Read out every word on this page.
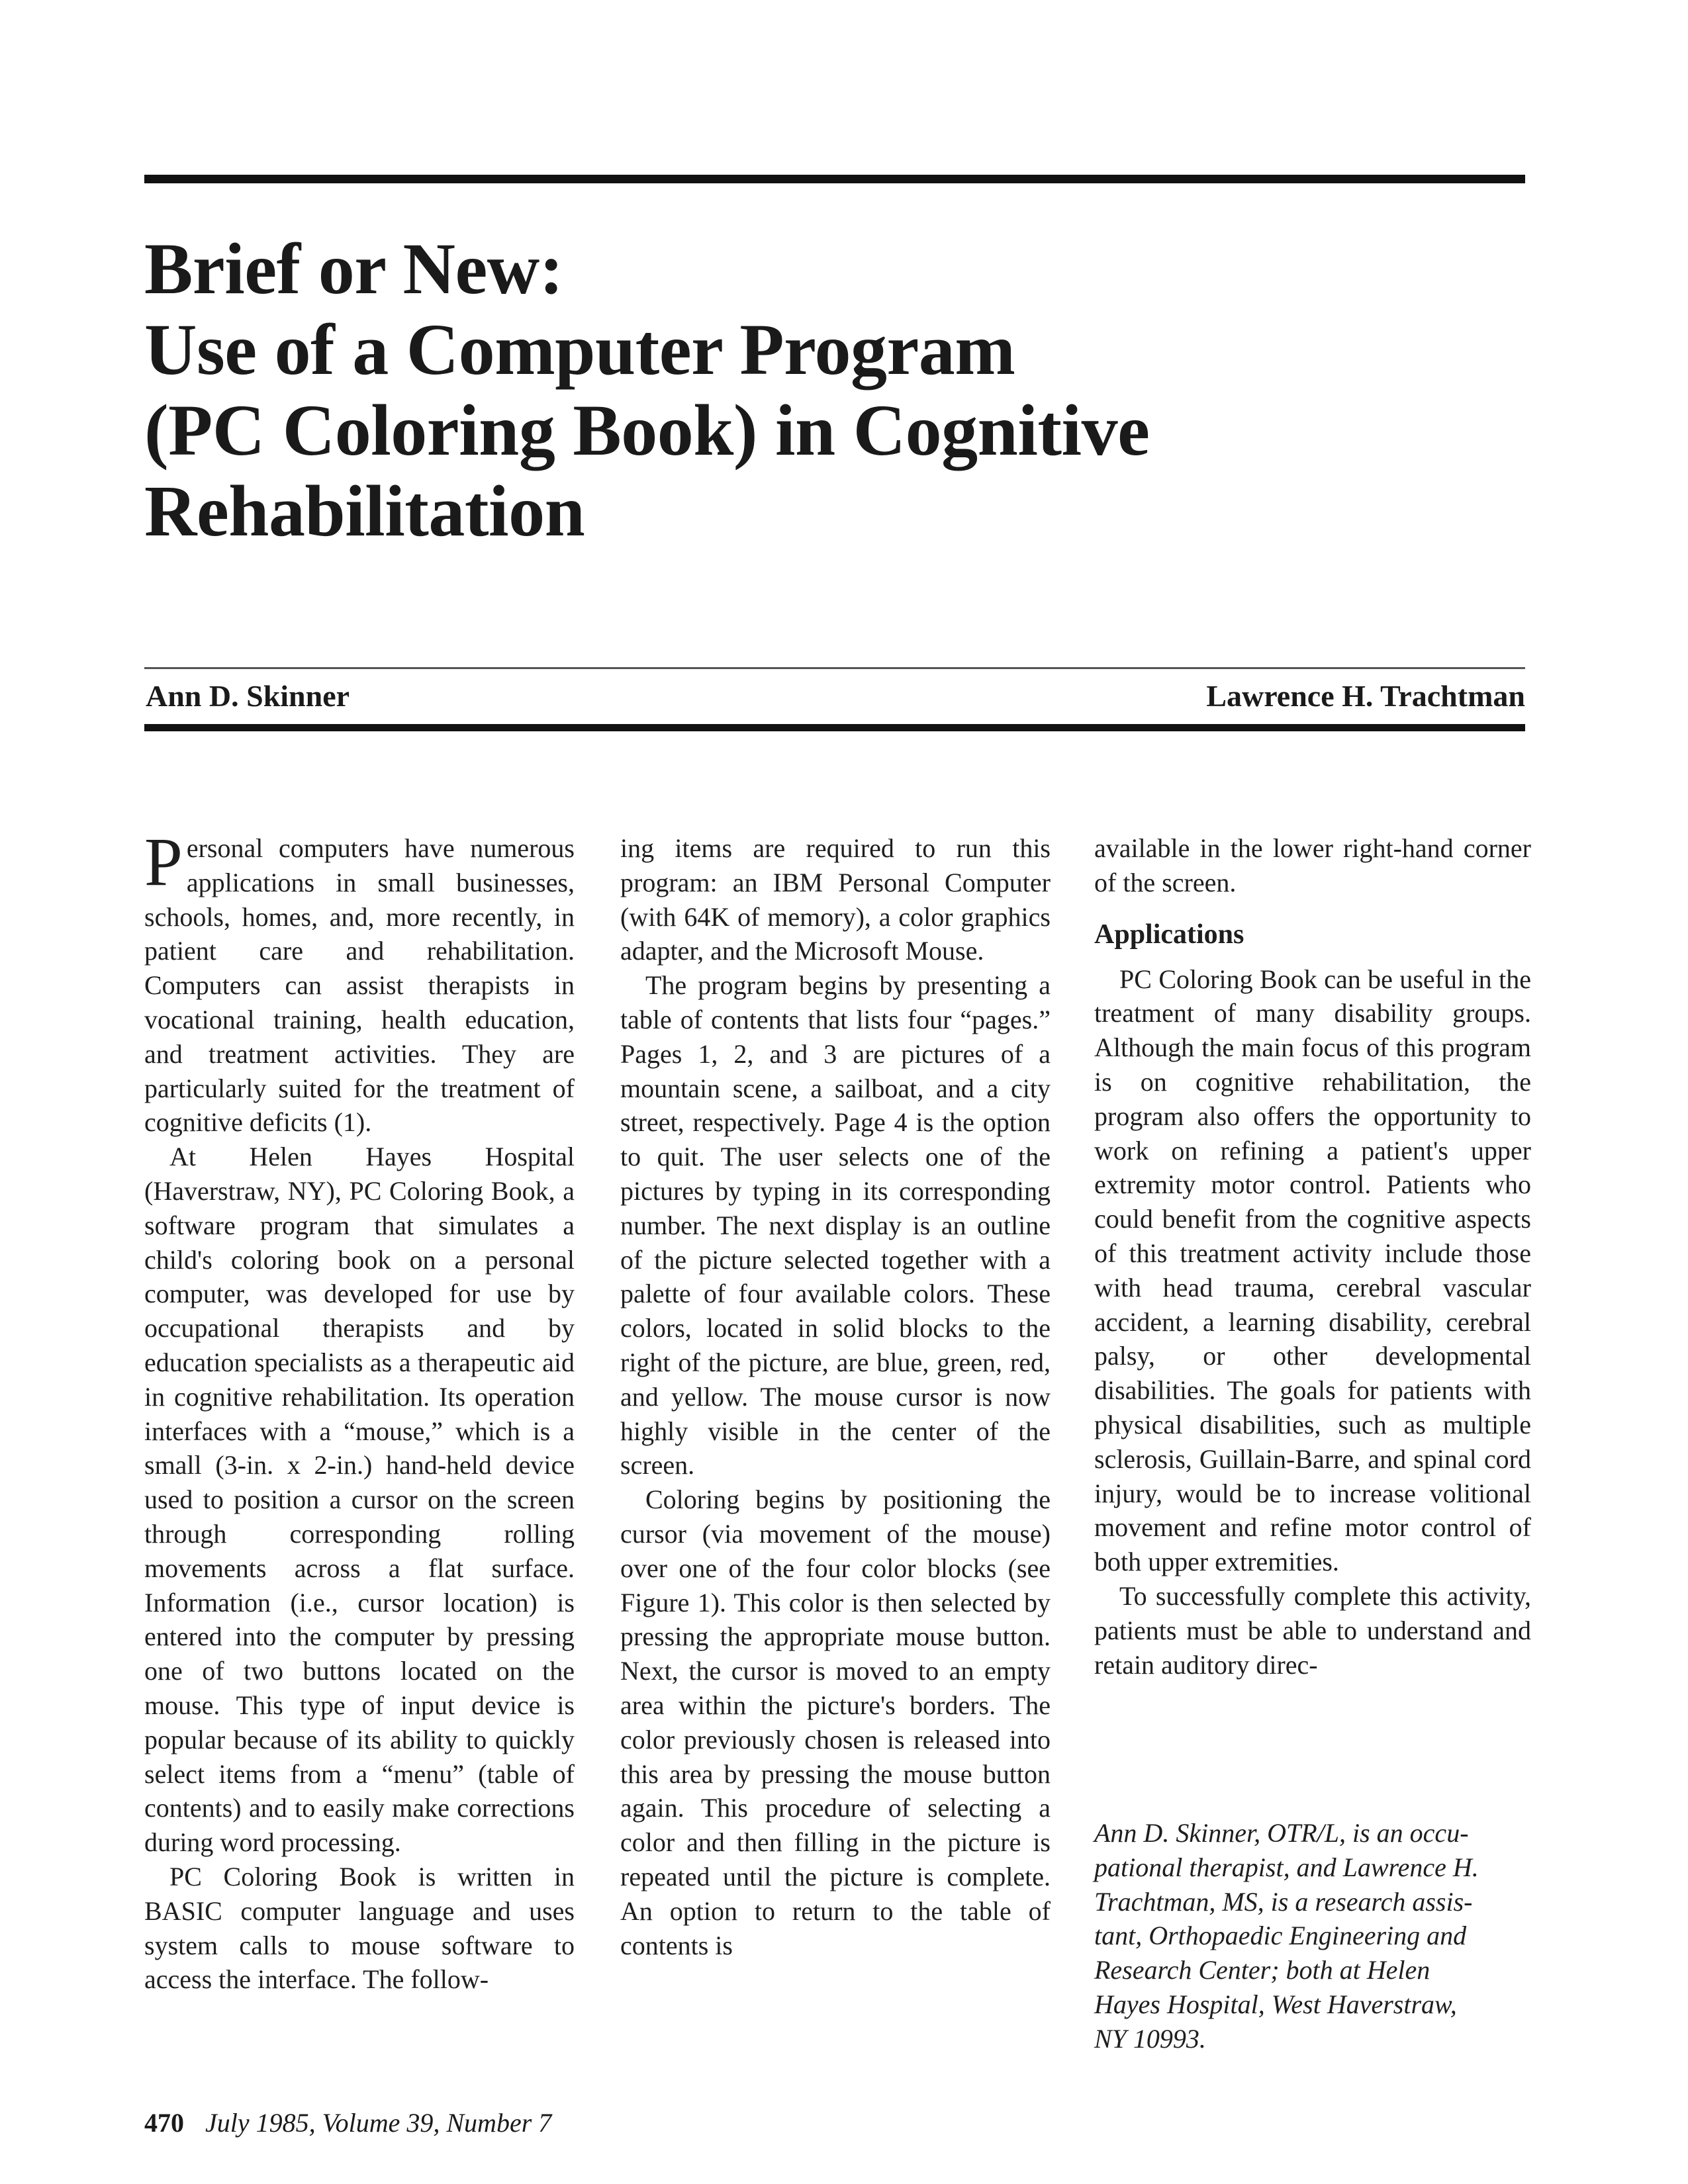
Brief or New:
Use of a Computer Program
(PC Coloring Book) in Cognitive
Rehabilitation
Ann D. Skinner	Lawrence H. Trachtman

Personal computers have numerous applications in small businesses, schools, homes, and, more recently, in patient care and rehabilitation. Computers can assist therapists in vocational training, health education, and treatment activities. They are particularly suited for the treatment of cognitive deficits (1).

At Helen Hayes Hospital (Haverstraw, NY), PC Coloring Book, a software program that simulates a child's coloring book on a personal computer, was developed for use by occupational therapists and by education specialists as a therapeutic aid in cognitive rehabilitation. Its operation interfaces with a “mouse,” which is a small (3-in. x 2-in.) hand-held device used to position a cursor on the screen through corresponding rolling movements across a flat surface. Information (i.e., cursor location) is entered into the computer by pressing one of two buttons located on the mouse. This type of input device is popular because of its ability to quickly select items from a “menu” (table of contents) and to easily make corrections during word processing.

PC Coloring Book is written in BASIC computer language and uses system calls to mouse software to access the interface. The follow-

ing items are required to run this program: an IBM Personal Computer (with 64K of memory), a color graphics adapter, and the Microsoft Mouse.

The program begins by presenting a table of contents that lists four “pages.” Pages 1, 2, and 3 are pictures of a mountain scene, a sailboat, and a city street, respectively. Page 4 is the option to quit. The user selects one of the pictures by typing in its corresponding number. The next display is an outline of the picture selected together with a palette of four available colors. These colors, located in solid blocks to the right of the picture, are blue, green, red, and yellow. The mouse cursor is now highly visible in the center of the screen.

Coloring begins by positioning the cursor (via movement of the mouse) over one of the four color blocks (see Figure 1). This color is then selected by pressing the appropriate mouse button. Next, the cursor is moved to an empty area within the picture's borders. The color previously chosen is released into this area by pressing the mouse button again. This procedure of selecting a color and then filling in the picture is repeated until the picture is complete. An option to return to the table of contents is

available in the lower right-hand corner of the screen.

Applications

PC Coloring Book can be useful in the treatment of many disability groups. Although the main focus of this program is on cognitive rehabilitation, the program also offers the opportunity to work on refining a patient's upper extremity motor control. Patients who could benefit from the cognitive aspects of this treatment activity include those with head trauma, cerebral vascular accident, a learning disability, cerebral palsy, or other developmental disabilities. The goals for patients with physical disabilities, such as multiple sclerosis, Guillain-Barre, and spinal cord injury, would be to increase volitional movement and refine motor control of both upper extremities.

To successfully complete this activity, patients must be able to understand and retain auditory direc-

Ann D. Skinner, OTR/L, is an occu-
pational therapist, and Lawrence H.
Trachtman, MS, is a research assis-
tant, Orthopaedic Engineering and
Research Center; both at Helen
Hayes Hospital, West Haverstraw,
NY 10993.
470 July 1985, Volume 39, Number 7
